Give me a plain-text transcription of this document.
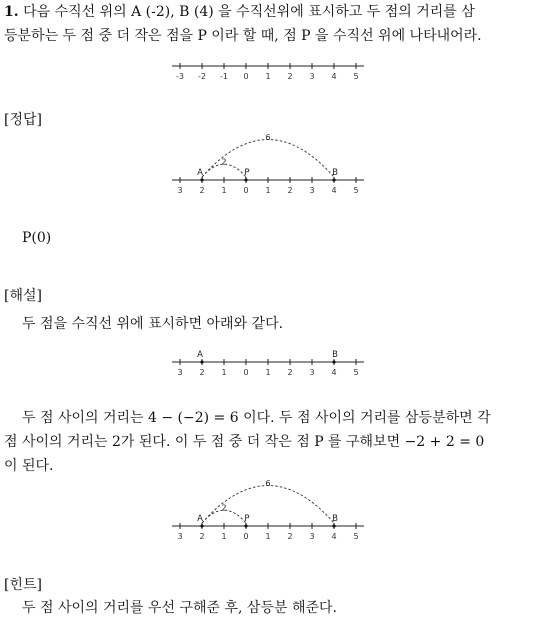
1. 다음 수직선 위의 A (-2), B (4) 을 수직선위에 표시하고 두 점의 거리를 삼
등분하는 두 점 중 더 작은 점을 P 이라 할 때, 점 P 을 수직선 위에 나타내어라.
-3 -2 -1 0 1 2 3 4 5
[정답]
3 2 1 0 1 2 3 4 5
6
2
A	P	B
P(0)
[해설]
두 점을 수직선 위에 표시하면 아래와 같다.
3 2 1 0 1 2 3 4 5
A	B
두 점 사이의 거리는 4 − (−2) = 6 이다. 두 점 사이의 거리를 삼등분하면 각
점 사이의 거리는 2가 된다. 이 두 점 중 더 작은 점 P 를 구해보면 −2 + 2 = 0
이 된다.
3 2 1 0 1 2 3 4 5
6
2
A	P	B
[힌트]
두 점 사이의 거리를 우선 구해준 후, 삼등분 해준다.
